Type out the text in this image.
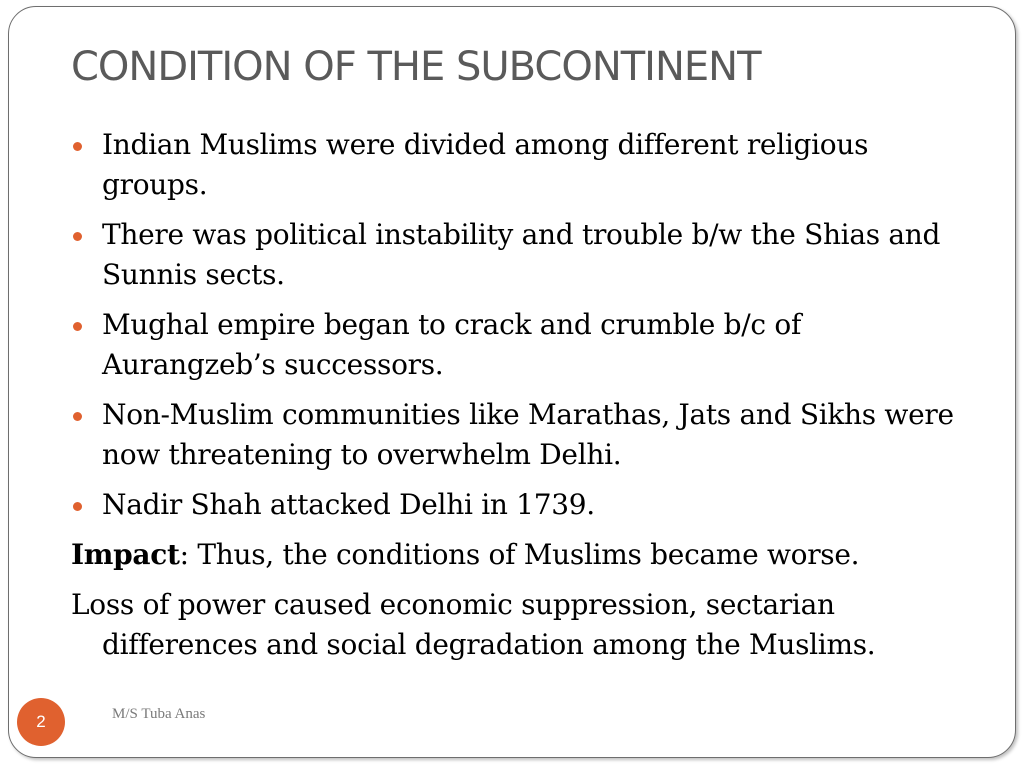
CONDITION OF THE SUBCONTINENT
Indian Muslims were divided among different religious groups.
There was political instability and trouble b/w the Shias and Sunnis sects.
Mughal empire began to crack and crumble b/c of Aurangzeb’s successors.
Non-Muslim communities like Marathas, Jats and Sikhs were now threatening to overwhelm Delhi.
Nadir Shah attacked Delhi in 1739.

Impact: Thus, the conditions of Muslims became worse.

Loss of power caused economic suppression, sectarian differences and social degradation among the Muslims.

2	M/S Tuba Anas
